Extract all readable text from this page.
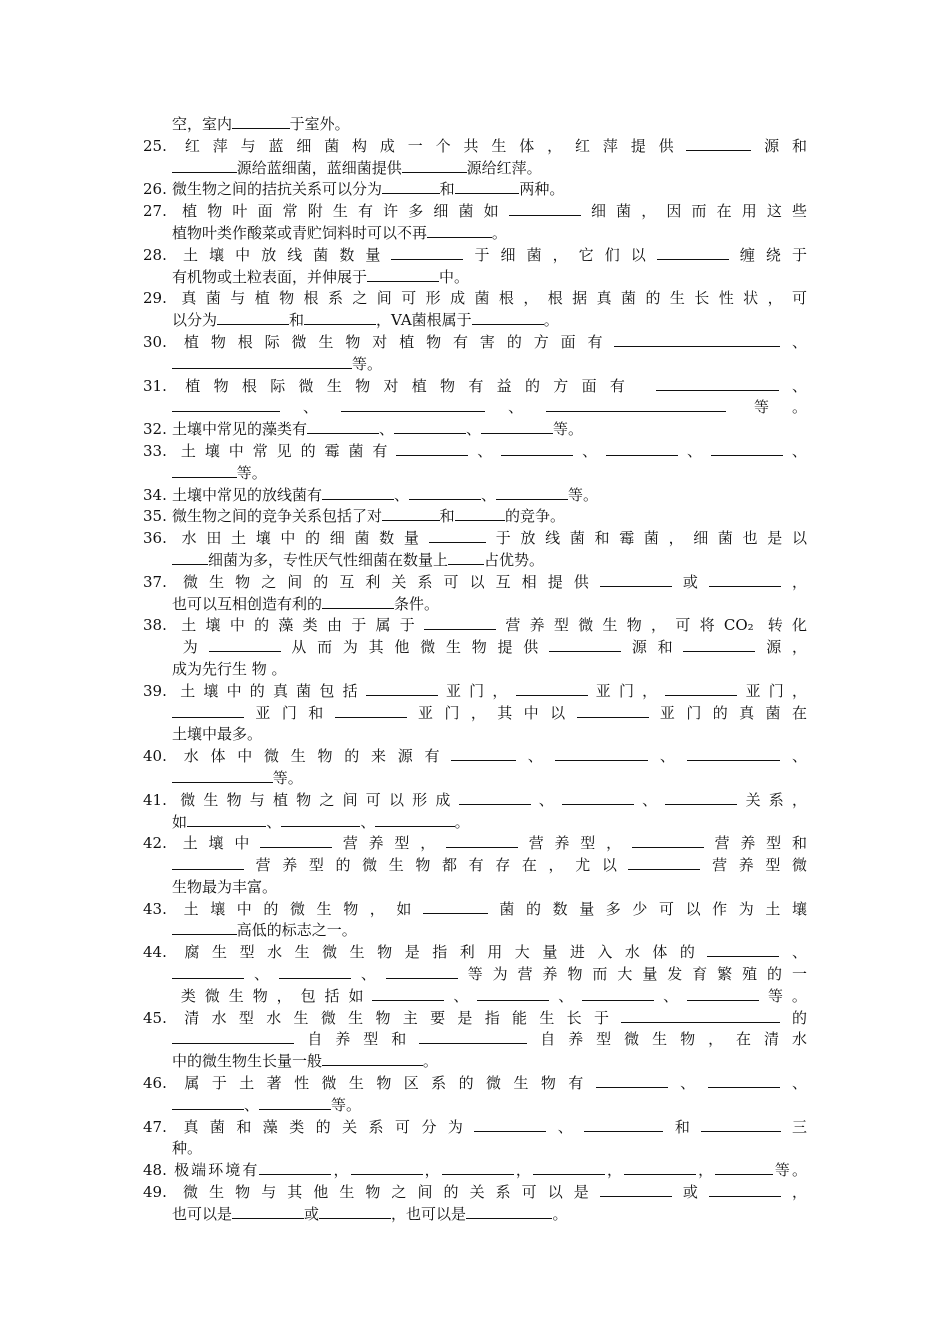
空，室内	于室外。
25. 红萍与蓝细菌构成一个共生体，红萍提供	源和
源给蓝细菌，蓝细菌提供	源给红萍。
26. 微生物之间的拮抗关系可以分为	和	两种。
27. 植物叶面常附生有许多细菌如	细菌，因而在用这些
植物叶类作酸菜或青贮饲料时可以不再	。
28. 土壤中放线菌数量	于细菌，它们以	缠绕于
有机物或土粒表面，并伸展于	中。
29. 真菌与植物根系之间可形成菌根，根据真菌的生长性状，可
以分为	和	，VA菌根属于	。
30. 植物根际微生物对植物有害的方面有	、
等。
31. 植物根际微生物对植物有益的方面有	、
、	、	等。
32. 土壤中常见的藻类有	、	、	等。
33. 土壤中常见的霉菌有	、	、	、	、
等。
34. 土壤中常见的放线菌有	、	、	等。
35. 微生物之间的竞争关系包括了对	和	的竞争。
36. 水田土壤中的细菌数量	于放线菌和霉菌，细菌也是以
细菌为多，专性厌气性细菌在数量上 占优势。
37. 微生物之间的互利关系可以互相提供	或	，
也可以互相创造有利的	条件。
38. 土壤中的藻类由于属于	营养型微生物，可将CO₂ 转化
为	从而为其他微生物提供	源和	源，
成为先行生 物 。
39. 土壤中的真菌包括	亚门，	亚门，	亚门，
亚门和	亚门，其中以	亚门的真菌在
土壤中最多。
40. 水体中微生物的来源有	、	、	、
等。
41. 微生物与植物之间可以形成	、	、	关系，
如	、	、	。
42. 土壤中	营养型，	营养型，	营养型和
营养型的微生物都有存在，尤以	营养型微
生物最为丰富。
43. 土壤中的微生物，如	菌的数量多少可以作为土壤
高低的标志之一。
44. 腐生型水生微生物是指利用大量进入水体的	、
、	、	等为营养物而大量发育繁殖的一
类微生物，包括如	、	、	、	等。
45. 清水型水生微生物主要是指能生长于	的
自养型和	自养型微生物，在清水
中的微生物生长量一般	。
46. 属于土著性微生物区系的微生物有	、	、
、	等。
47. 真菌和藻类的关系可分为	、	和	三
种。
48. 极端环境有	，	，	，	，	，	等。
49. 微生物与其他生物之间的关系可以是	或	，
也可以是	或	，也可以是	。
